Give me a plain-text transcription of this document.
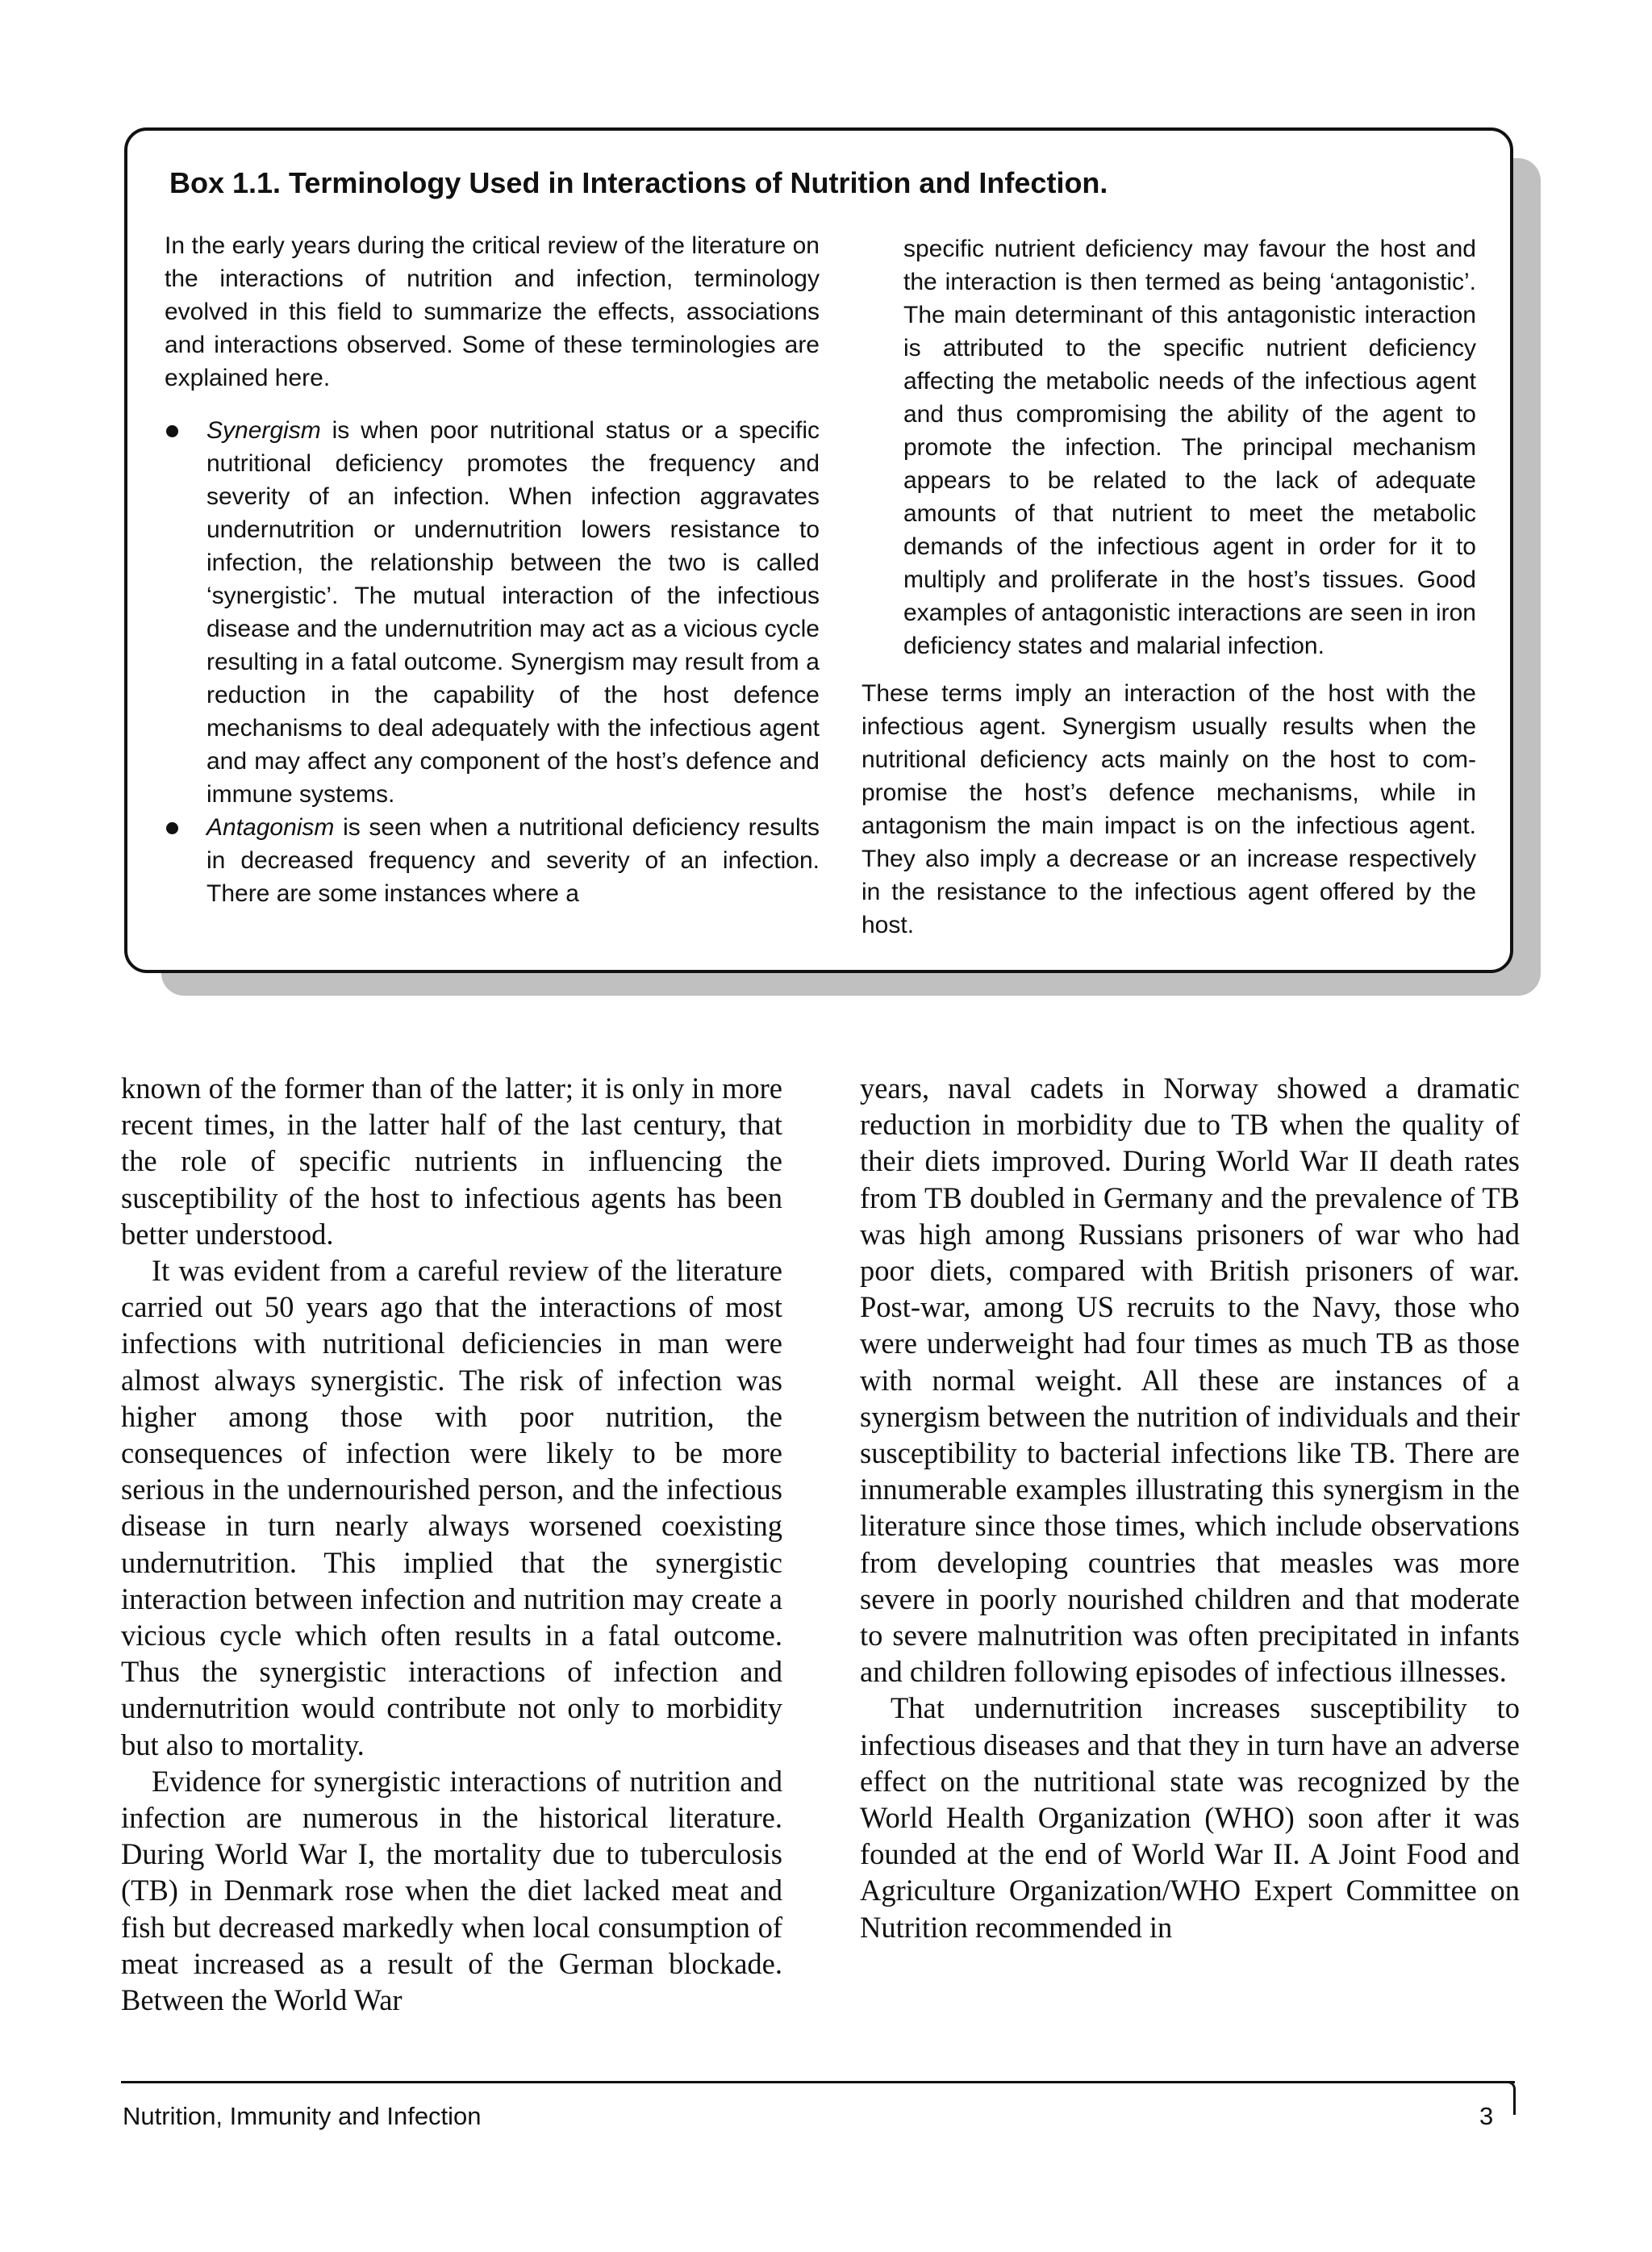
Box 1.1. Terminology Used in Interactions of Nutrition and Infection.

In the early years during the critical review of the literature on the interactions of nutrition and infection, terminology evolved in this field to summarize the effects, associations and interactions observed. Some of these terminologies are explained here.

Synergism is when poor nutritional status or a specific nutritional deficiency promotes the frequency and severity of an infection. When infection aggravates undernutrition or undernutrition lowers resistance to infection, the relationship between the two is called ‘synergistic’. The mutual interaction of the infectious disease and the undernutrition may act as a vicious cycle resulting in a fatal outcome. Synergism may result from a reduction in the capability of the host defence mechanisms to deal adequately with the infectious agent and may affect any component of the host’s defence and immune systems.
Antagonism is seen when a nutritional deficiency results in decreased frequency and severity of an infection. There are some instances where a

specific nutrient deficiency may favour the host and the interaction is then termed as being ‘antagonistic’. The main determinant of this antagonistic interaction is attributed to the specific nutrient deficiency affecting the metabolic needs of the infectious agent and thus compromising the ability of the agent to promote the infection. The principal mechanism appears to be related to the lack of adequate amounts of that nutrient to meet the metabolic demands of the infectious agent in order for it to multiply and proliferate in the host’s tissues. Good examples of antagonistic interactions are seen in iron deficiency states and malarial infection.

These terms imply an interaction of the host with the infectious agent. Synergism usually results when the nutritional deficiency acts mainly on the host to compromise the host’s defence mechanisms, while in antagonism the main impact is on the infectious agent. They also imply a decrease or an increase respectively in the resistance to the infectious agent offered by the host.

known of the former than of the latter; it is only in more recent times, in the latter half of the last century, that the role of specific nutrients in influencing the susceptibility of the host to infectious agents has been better understood.

It was evident from a careful review of the literature carried out 50 years ago that the interactions of most infections with nutritional deficiencies in man were almost always synergistic. The risk of infection was higher among those with poor nutrition, the consequences of infection were likely to be more serious in the undernourished person, and the infectious disease in turn nearly always worsened coexisting undernutrition. This implied that the synergistic interaction between infection and nutrition may create a vicious cycle which often results in a fatal outcome. Thus the synergistic interactions of infection and undernutrition would contribute not only to morbidity but also to mortality.

Evidence for synergistic interactions of nutrition and infection are numerous in the historical literature. During World War I, the mortality due to tuberculosis (TB) in Denmark rose when the diet lacked meat and fish but decreased markedly when local consumption of meat increased as a result of the German blockade. Between the World War

years, naval cadets in Norway showed a dramatic reduction in morbidity due to TB when the quality of their diets improved. During World War II death rates from TB doubled in Germany and the prevalence of TB was high among Russians prisoners of war who had poor diets, compared with British prisoners of war. Post-war, among US recruits to the Navy, those who were underweight had four times as much TB as those with normal weight. All these are instances of a synergism between the nutrition of individuals and their susceptibility to bacterial infections like TB. There are innumerable examples illustrating this synergism in the literature since those times, which include observations from developing countries that measles was more severe in poorly nourished children and that moderate to severe malnutrition was often precipitated in infants and children following episodes of infectious illnesses.

That undernutrition increases susceptibility to infectious diseases and that they in turn have an adverse effect on the nutritional state was recognized by the World Health Organization (WHO) soon after it was founded at the end of World War II. A Joint Food and Agriculture Organization/WHO Expert Committee on Nutrition recommended in

Nutrition, Immunity and Infection	3
